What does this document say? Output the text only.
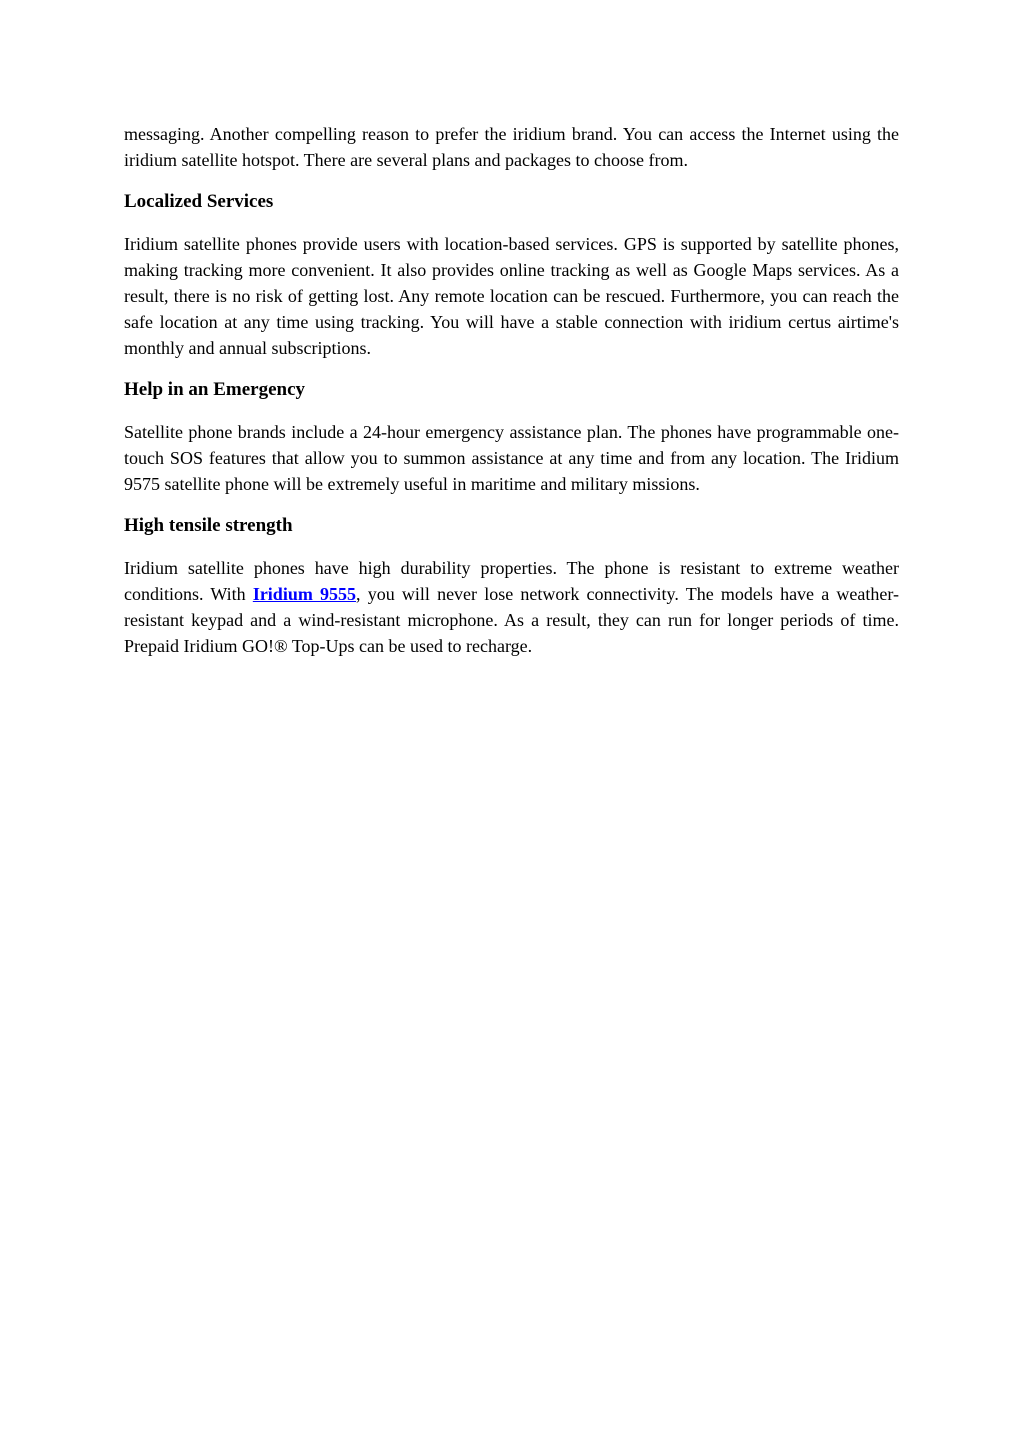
messaging. Another compelling reason to prefer the iridium brand. You can access the Internet using the iridium satellite hotspot. There are several plans and packages to choose from.

Localized Services

Iridium satellite phones provide users with location-based services. GPS is supported by satellite phones, making tracking more convenient. It also provides online tracking as well as Google Maps services. As a result, there is no risk of getting lost. Any remote location can be rescued. Furthermore, you can reach the safe location at any time using tracking. You will have a stable connection with iridium certus airtime's monthly and annual subscriptions.

Help in an Emergency

Satellite phone brands include a 24-hour emergency assistance plan. The phones have programmable one-touch SOS features that allow you to summon assistance at any time and from any location. The Iridium 9575 satellite phone will be extremely useful in maritime and military missions.

High tensile strength

Iridium satellite phones have high durability properties. The phone is resistant to extreme weather conditions. With Iridium 9555, you will never lose network connectivity. The models have a weather-resistant keypad and a wind-resistant microphone. As a result, they can run for longer periods of time. Prepaid Iridium GO!® Top-Ups can be used to recharge.
